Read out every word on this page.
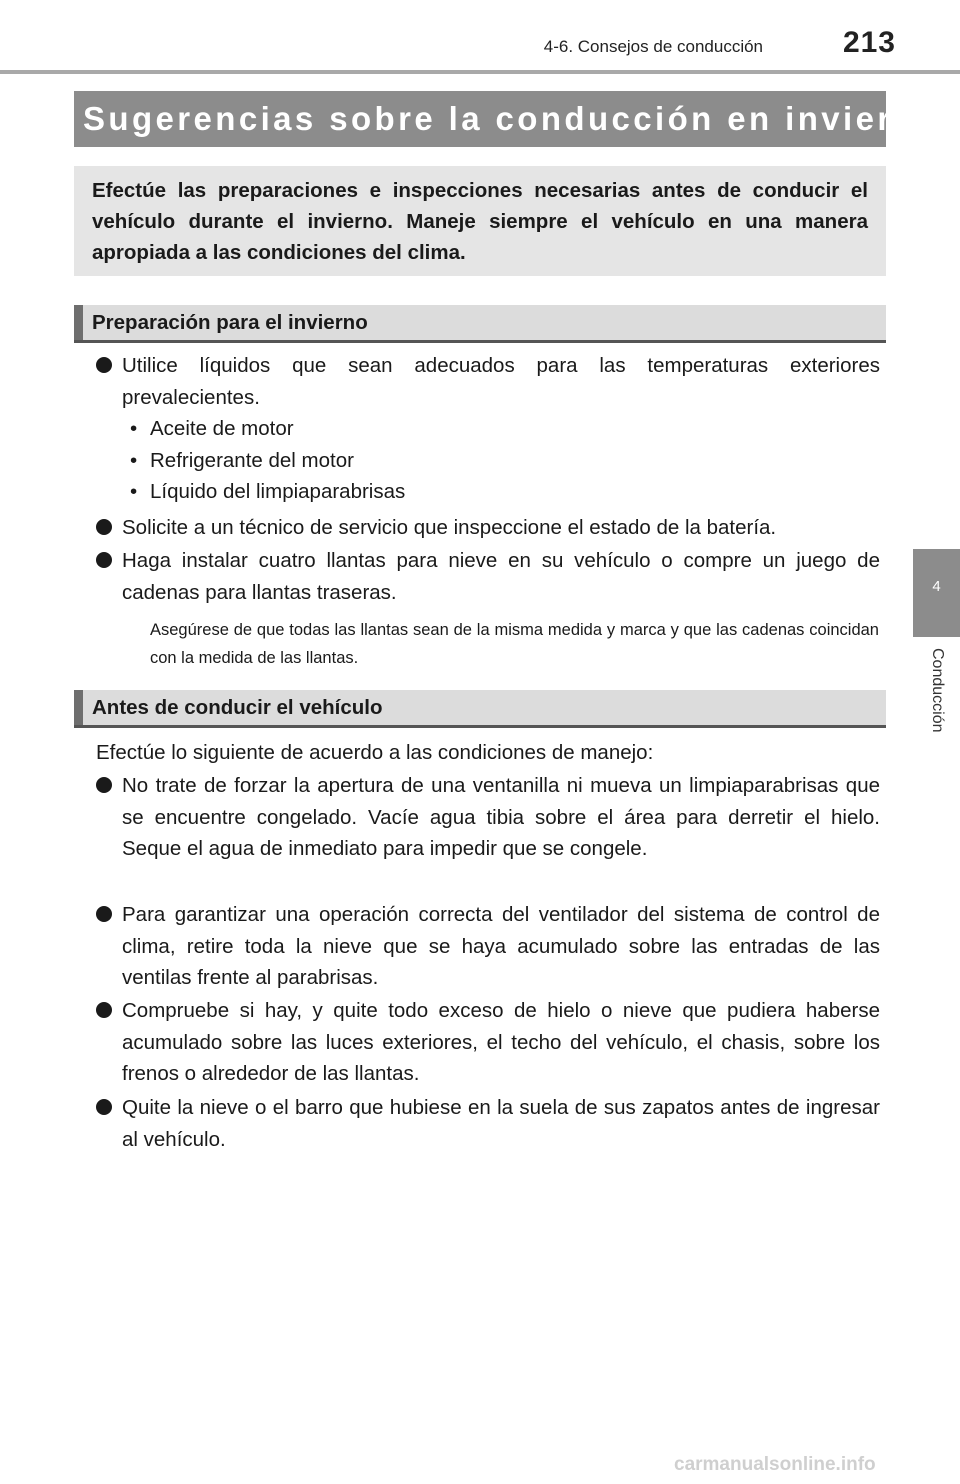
4-6. Consejos de conducción	213
4
Conducción
Sugerencias sobre la conducción en invierno
Efectúe las preparaciones e inspecciones necesarias antes de conducir el vehículo durante el invierno. Maneje siempre el vehículo en una manera apropiada a las condiciones del clima.
Preparación para el invierno
Utilice líquidos que sean adecuados para las temperaturas exteriores prevalecientes.
• Aceite de motor
• Refrigerante del motor
• Líquido del limpiaparabrisas
Solicite a un técnico de servicio que inspeccione el estado de la batería.
Haga instalar cuatro llantas para nieve en su vehículo o compre un juego de cadenas para llantas traseras.
Asegúrese de que todas las llantas sean de la misma medida y marca y que las cadenas coincidan con la medida de las llantas.
Antes de conducir el vehículo
Efectúe lo siguiente de acuerdo a las condiciones de manejo:
No trate de forzar la apertura de una ventanilla ni mueva un limpiaparabrisas que se encuentre congelado. Vacíe agua tibia sobre el área para derretir el hielo. Seque el agua de inmediato para impedir que se congele.
Para garantizar una operación correcta del ventilador del sistema de control de clima, retire toda la nieve que se haya acumulado sobre las entradas de las ventilas frente al parabrisas.
Compruebe si hay, y quite todo exceso de hielo o nieve que pudiera haberse acumulado sobre las luces exteriores, el techo del vehículo, el chasis, sobre los frenos o alrededor de las llantas.
Quite la nieve o el barro que hubiese en la suela de sus zapatos antes de ingresar al vehículo.
carmanualsonline.info
